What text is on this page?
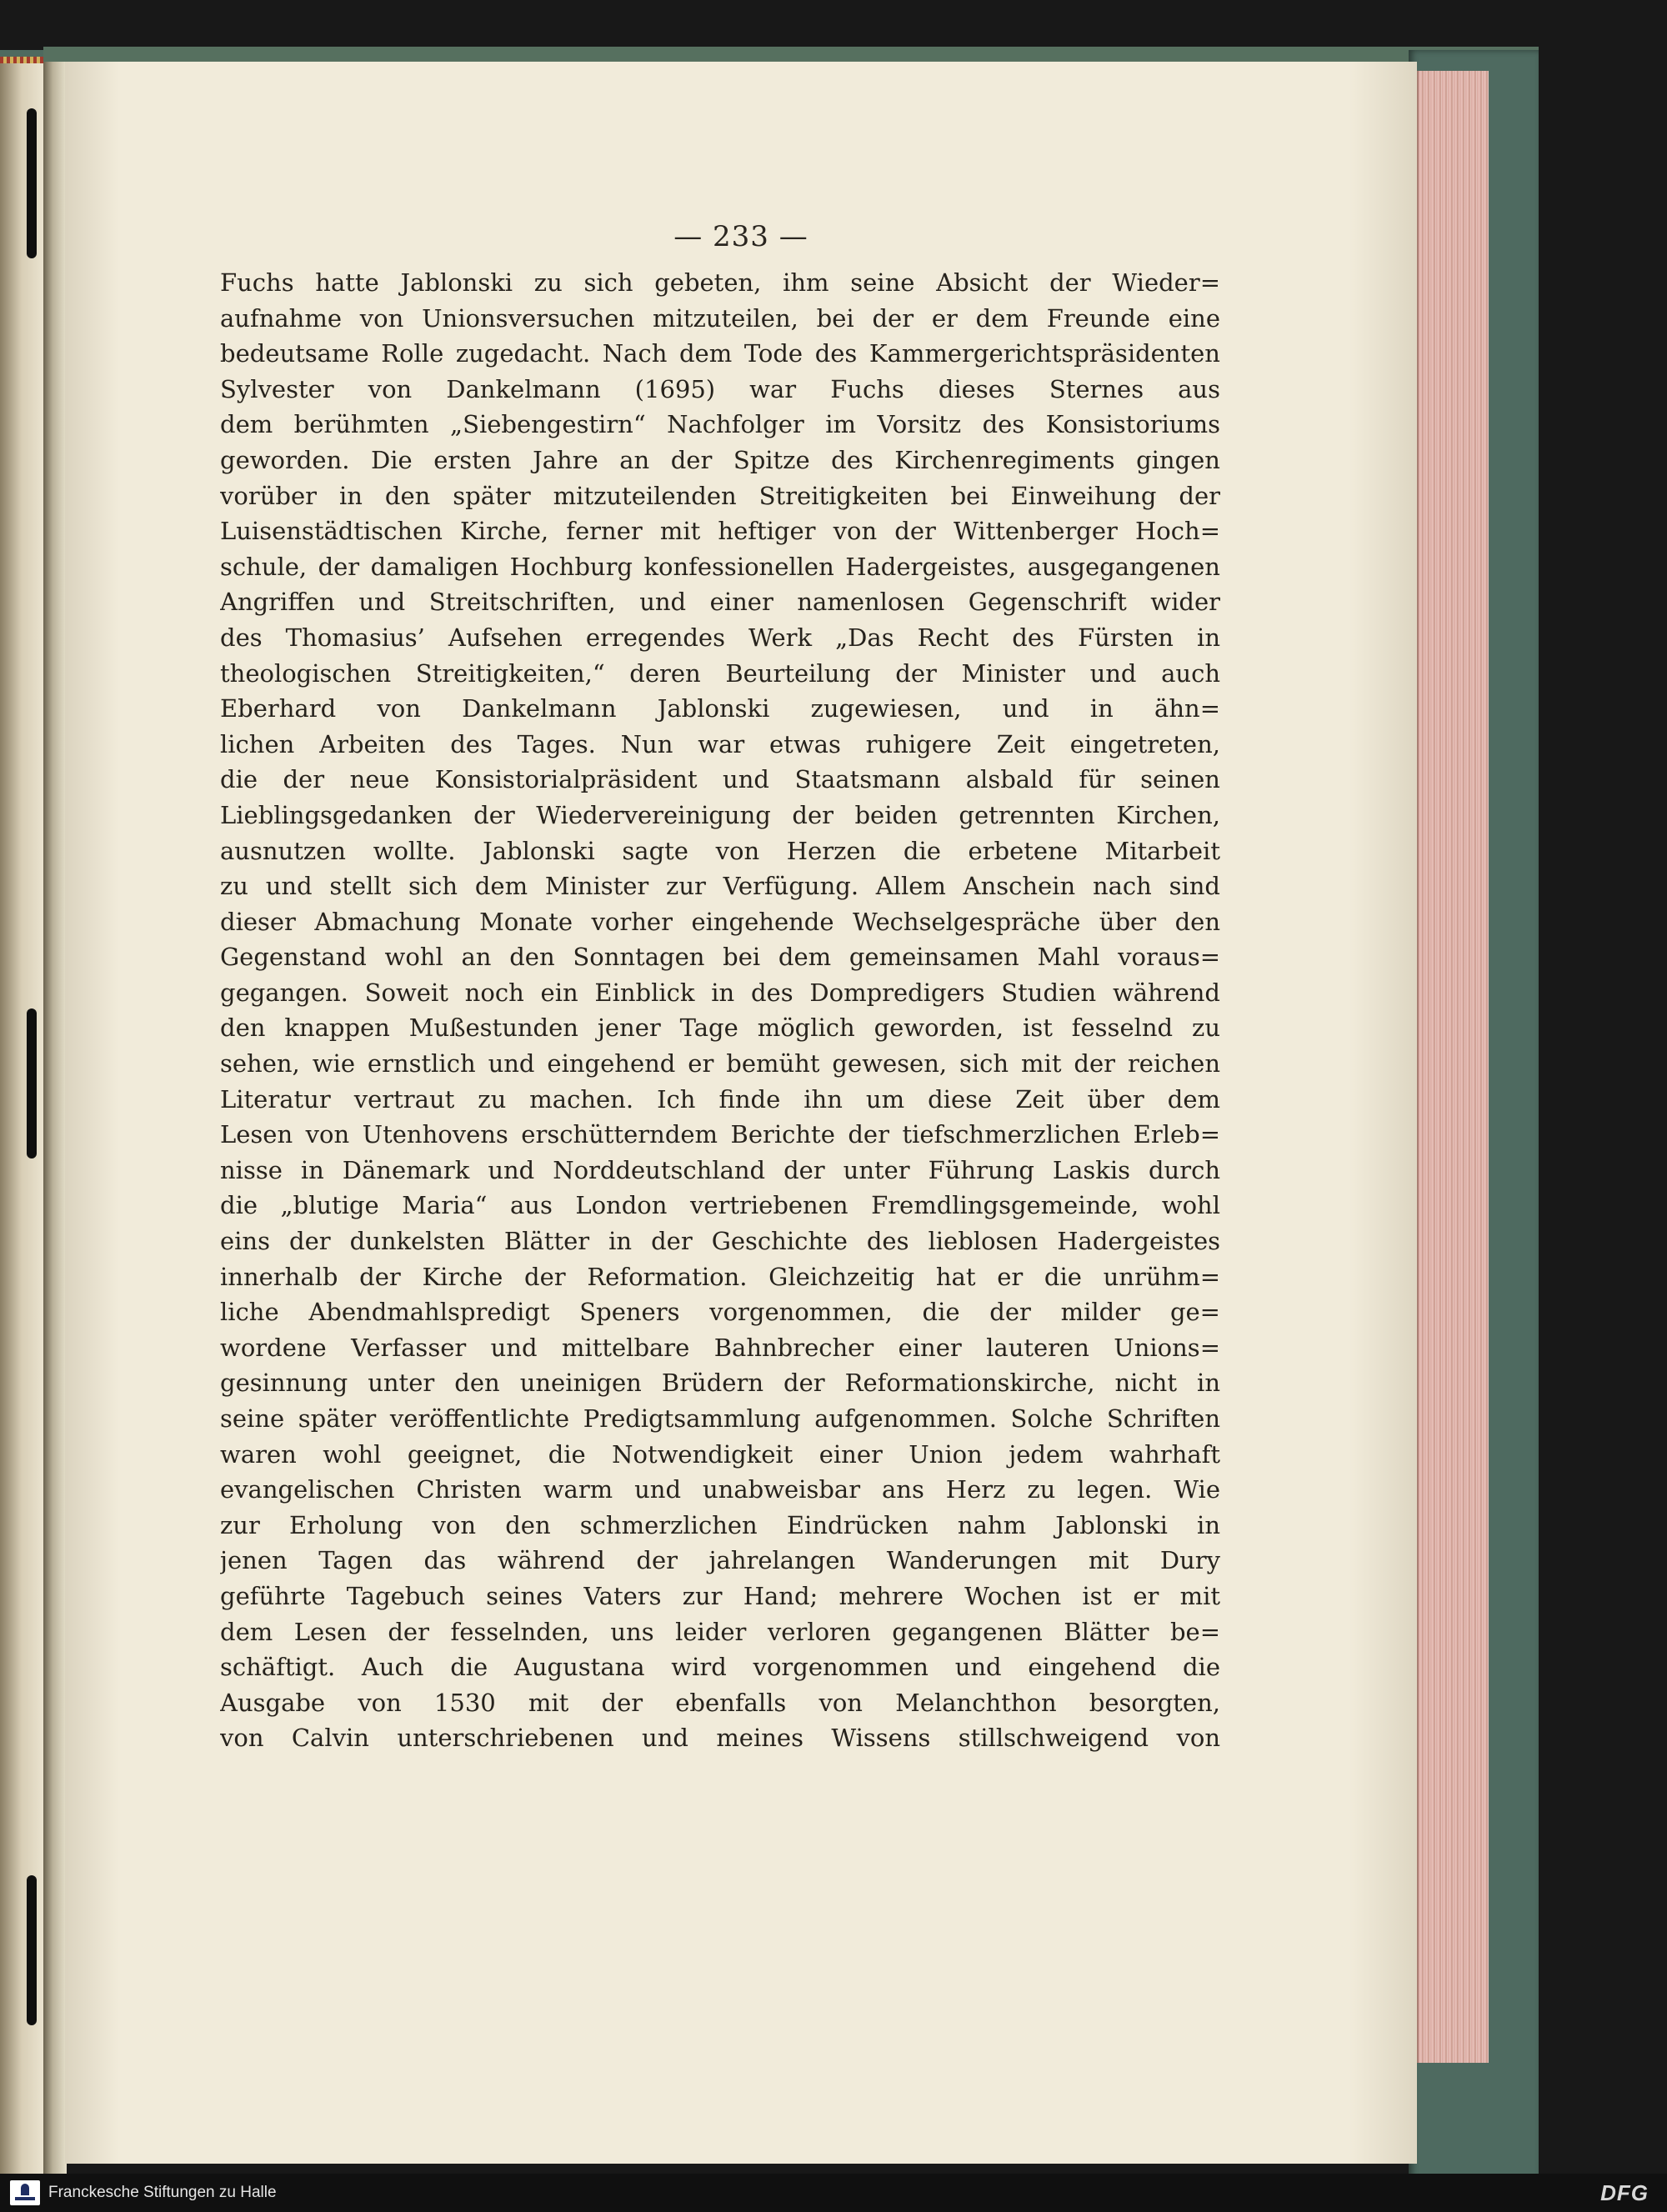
— 233 —
Fuchs hatte Jablonski zu sich gebeten, ihm seine Absicht der Wieder=
aufnahme von Unionsversuchen mitzuteilen, bei der er dem Freunde eine
bedeutsame Rolle zugedacht. Nach dem Tode des Kammergerichtspräsidenten
Sylvester von Dankelmann (1695) war Fuchs dieses Sternes aus
dem berühmten „Siebengestirn“ Nachfolger im Vorsitz des Konsistoriums
geworden. Die ersten Jahre an der Spitze des Kirchenregiments gingen
vorüber in den später mitzuteilenden Streitigkeiten bei Einweihung der
Luisenstädtischen Kirche, ferner mit heftiger von der Wittenberger Hoch=
schule, der damaligen Hochburg konfessionellen Hadergeistes, ausgegangenen
Angriffen und Streitschriften, und einer namenlosen Gegenschrift wider
des Thomasius’ Aufsehen erregendes Werk „Das Recht des Fürsten in
theologischen Streitigkeiten,“ deren Beurteilung der Minister und auch
Eberhard von Dankelmann Jablonski zugewiesen, und in ähn=
lichen Arbeiten des Tages. Nun war etwas ruhigere Zeit eingetreten,
die der neue Konsistorialpräsident und Staatsmann alsbald für seinen
Lieblingsgedanken der Wiedervereinigung der beiden getrennten Kirchen,
ausnutzen wollte. Jablonski sagte von Herzen die erbetene Mitarbeit
zu und stellt sich dem Minister zur Verfügung. Allem Anschein nach sind
dieser Abmachung Monate vorher eingehende Wechselgespräche über den
Gegenstand wohl an den Sonntagen bei dem gemeinsamen Mahl voraus=
gegangen. Soweit noch ein Einblick in des Dompredigers Studien während
den knappen Mußestunden jener Tage möglich geworden, ist fesselnd zu
sehen, wie ernstlich und eingehend er bemüht gewesen, sich mit der reichen
Literatur vertraut zu machen. Ich finde ihn um diese Zeit über dem
Lesen von Utenhovens erschütterndem Berichte der tiefschmerzlichen Erleb=
nisse in Dänemark und Norddeutschland der unter Führung Laskis durch
die „blutige Maria“ aus London vertriebenen Fremdlingsgemeinde, wohl
eins der dunkelsten Blätter in der Geschichte des lieblosen Hadergeistes
innerhalb der Kirche der Reformation. Gleichzeitig hat er die unrühm=
liche Abendmahlspredigt Speners vorgenommen, die der milder ge=
wordene Verfasser und mittelbare Bahnbrecher einer lauteren Unions=
gesinnung unter den uneinigen Brüdern der Reformationskirche, nicht in
seine später veröffentlichte Predigtsammlung aufgenommen. Solche Schriften
waren wohl geeignet, die Notwendigkeit einer Union jedem wahrhaft
evangelischen Christen warm und unabweisbar ans Herz zu legen. Wie
zur Erholung von den schmerzlichen Eindrücken nahm Jablonski in
jenen Tagen das während der jahrelangen Wanderungen mit Dury
geführte Tagebuch seines Vaters zur Hand; mehrere Wochen ist er mit
dem Lesen der fesselnden, uns leider verloren gegangenen Blätter be=
schäftigt. Auch die Augustana wird vorgenommen und eingehend die
Ausgabe von 1530 mit der ebenfalls von Melanchthon besorgten,
von Calvin unterschriebenen und meines Wissens stillschweigend von
Franckesche Stiftungen zu Halle	DFG
